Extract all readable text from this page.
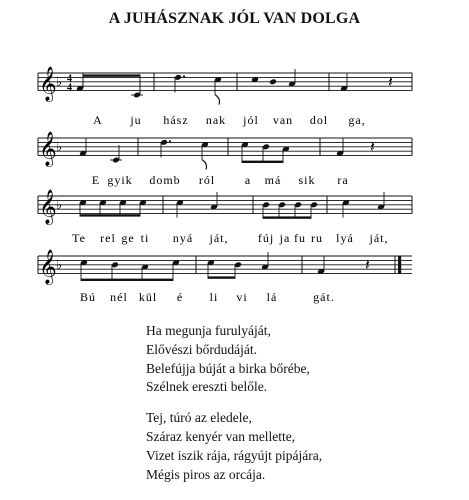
A JUHÁSZNAK JÓL VAN DOLGA
𝄞 ♭ 4
4	𝄽
A ju hász nak jól van dol ga,
𝄞 ♭	𝄽
E gyik domb ról a má sik ra
𝄞 ♭
Te rel ge ti nyá ját, fúj ja fu ru lyá ját,
𝄞 ♭	𝄽
Bú nél kül é li vi lá	gát.
Ha megunja furulyáját,
Elővészi bőrdudáját.
Belefújja búját a birka bőrébe,
Szélnek ereszti belőle.
Tej, túró az eledele,
Száraz kenyér van mellette,
Vizet iszik rája, rágyújt pipájára,
Mégis piros az orcája.
